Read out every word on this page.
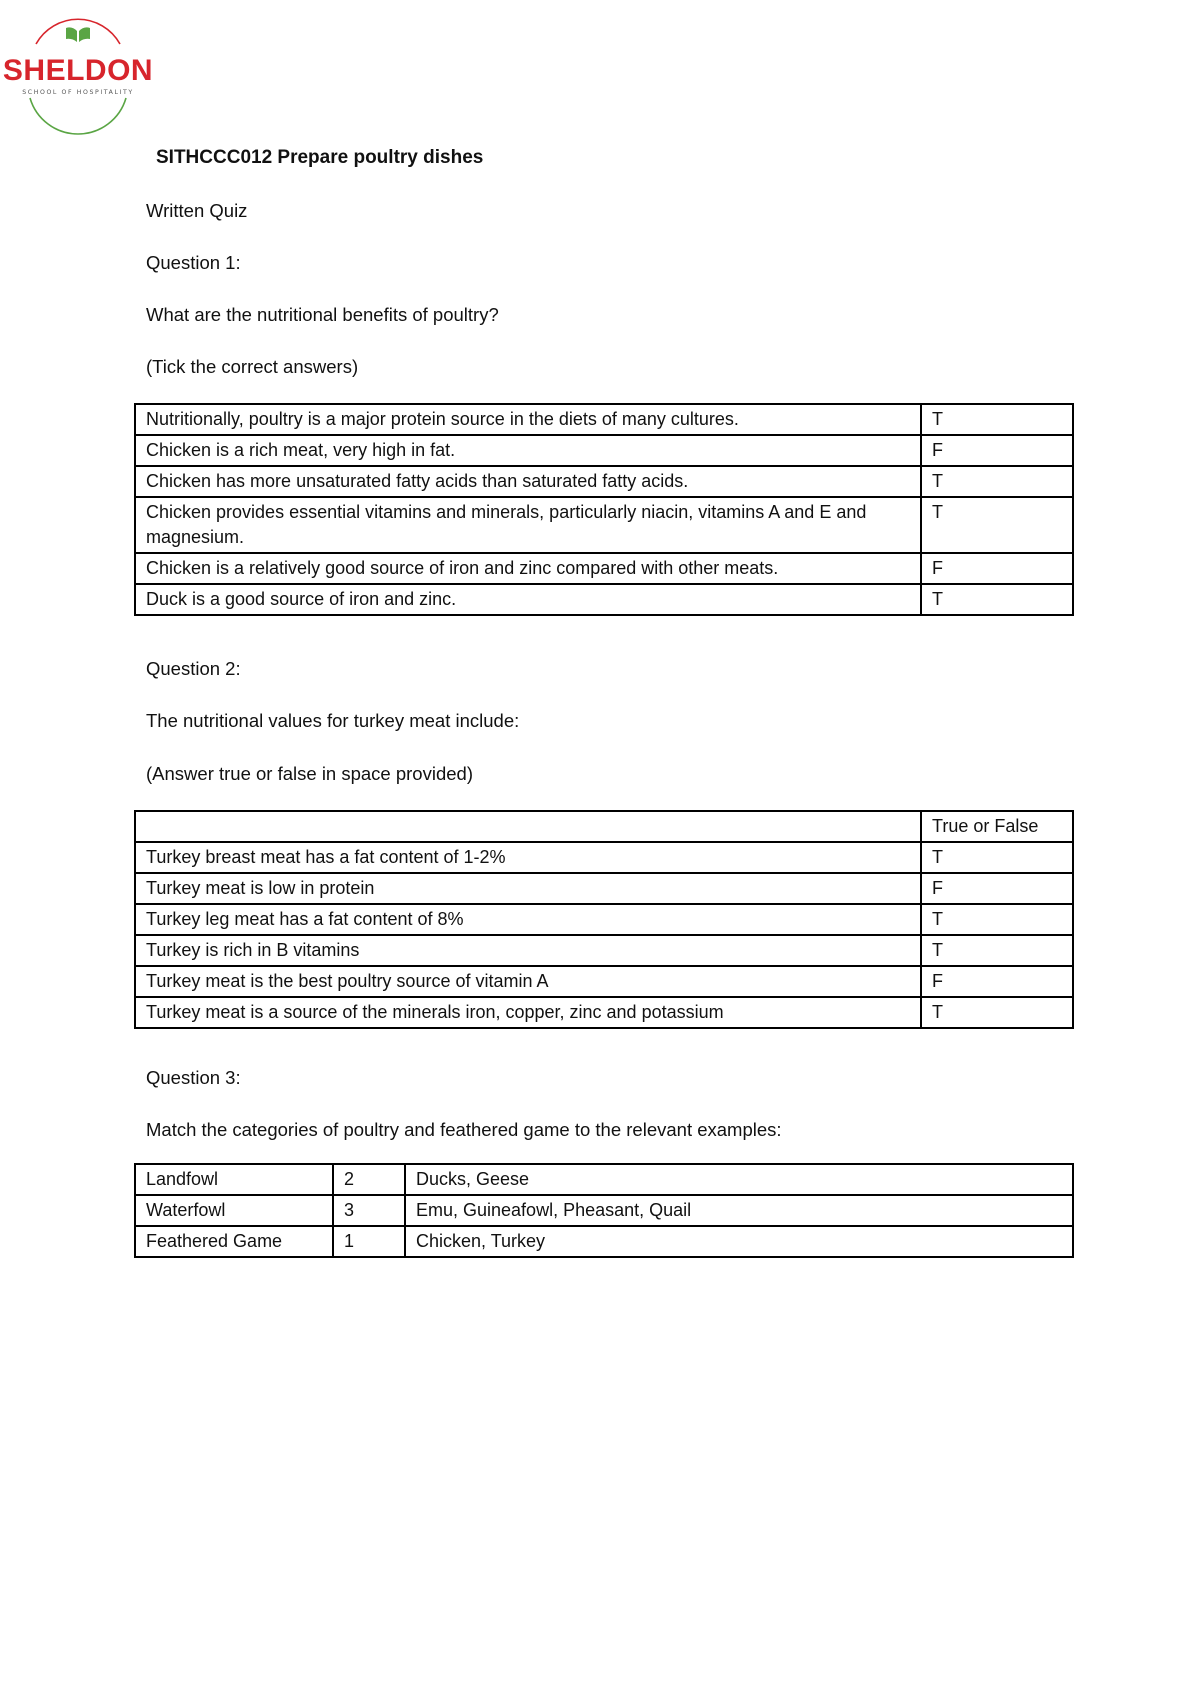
SHELDON
SCHOOL OF HOSPITALITY
SITHCCC012 Prepare poultry dishes
Written Quiz
Question 1:
What are the nutritional benefits of poultry?
(Tick the correct answers)
Nutritionally, poultry is a major protein source in the diets of many cultures.	T
Chicken is a rich meat, very high in fat.	F
Chicken has more unsaturated fatty acids than saturated fatty acids.	T
Chicken provides essential vitamins and minerals, particularly niacin, vitamins A and E and magnesium.	T
Chicken is a relatively good source of iron and zinc compared with other meats.	F
Duck is a good source of iron and zinc.	T
Question 2:
The nutritional values for turkey meat include:
(Answer true or false in space provided)
	True or False
Turkey breast meat has a fat content of 1-2%	T
Turkey meat is low in protein	F
Turkey leg meat has a fat content of 8%	T
Turkey is rich in B vitamins	T
Turkey meat is the best poultry source of vitamin A	F
Turkey meat is a source of the minerals iron, copper, zinc and potassium	T
Question 3:
Match the categories of poultry and feathered game to the relevant examples:
Landfowl	2	Ducks, Geese
Waterfowl	3	Emu, Guineafowl, Pheasant, Quail
Feathered Game	1	Chicken, Turkey
